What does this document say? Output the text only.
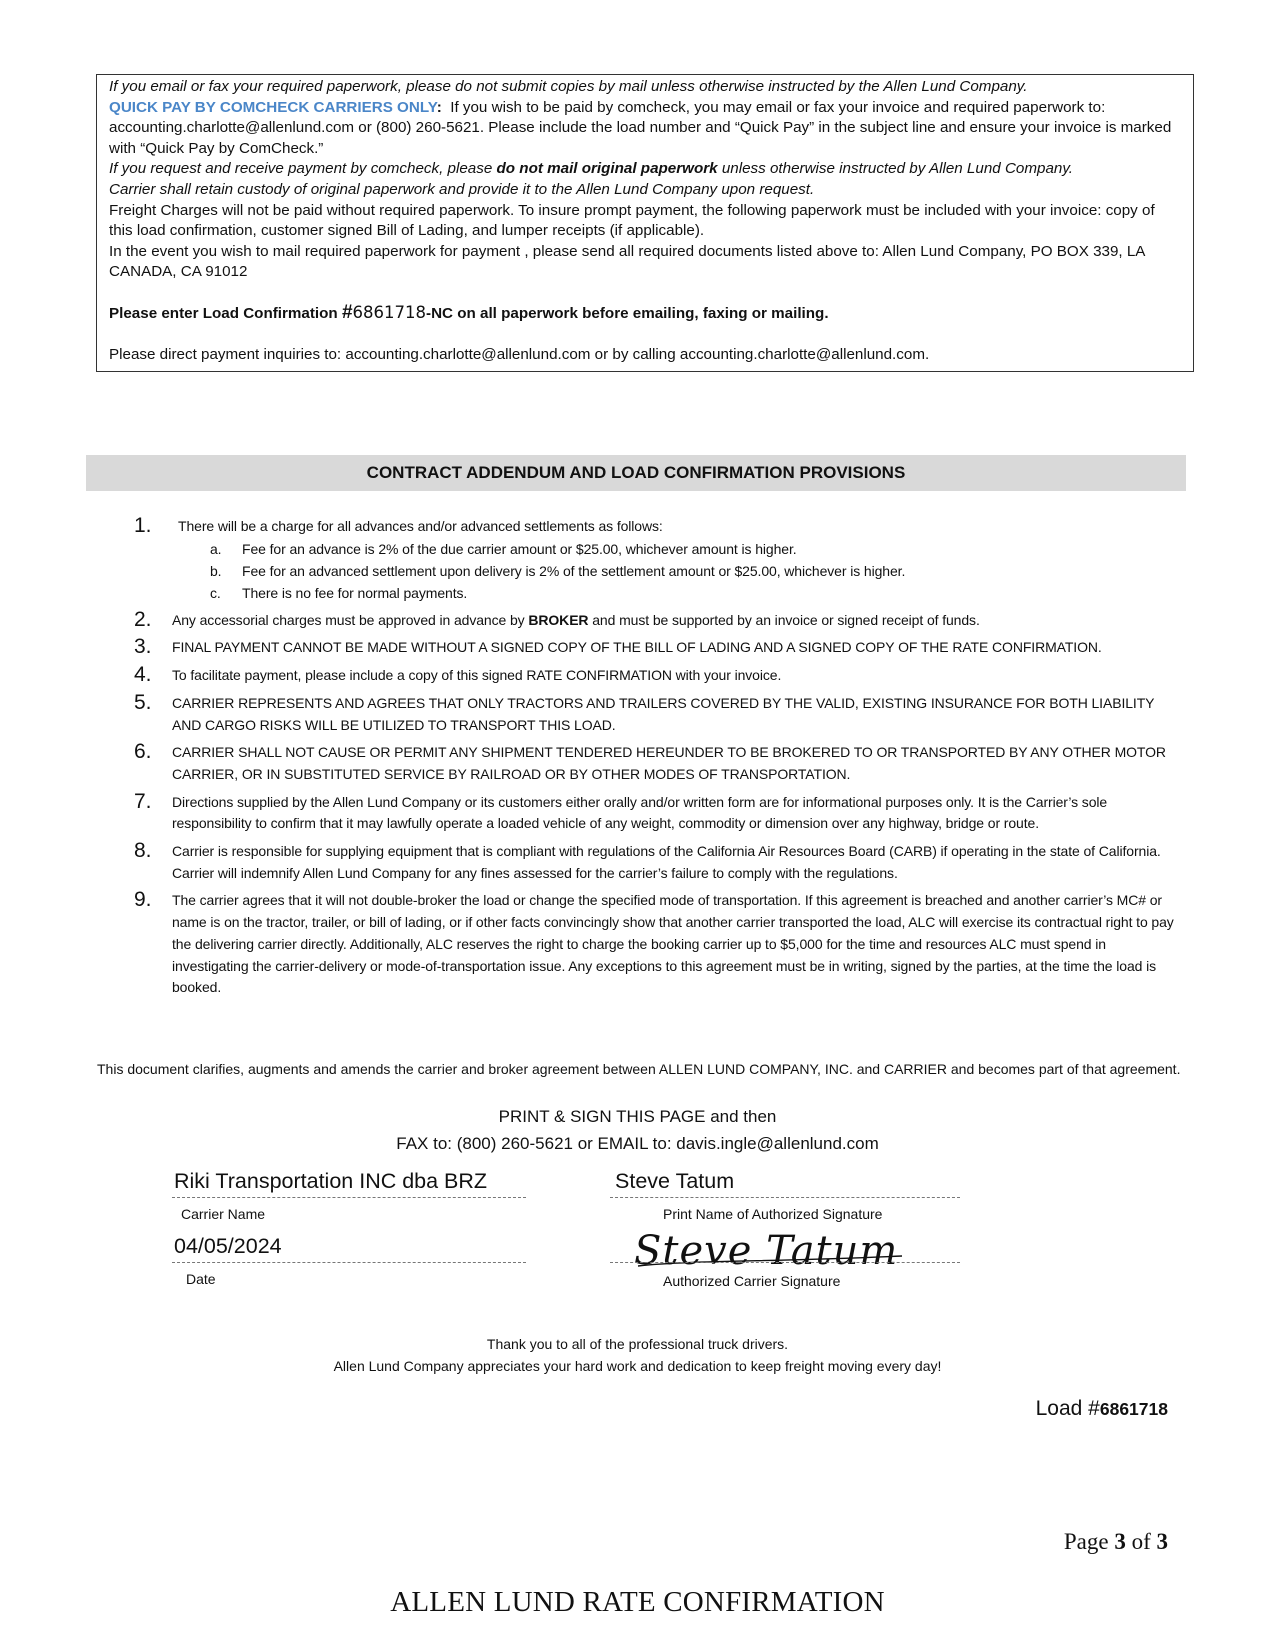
If you email or fax your required paperwork, please do not submit copies by mail unless otherwise instructed by the Allen Lund Company.

QUICK PAY BY COMCHECK CARRIERS ONLY: If you wish to be paid by comcheck, you may email or fax your invoice and required paperwork to: accounting.charlotte@allenlund.com or (800) 260-5621. Please include the load number and “Quick Pay” in the subject line and ensure your invoice is marked with “Quick Pay by ComCheck.”

If you request and receive payment by comcheck, please do not mail original paperwork unless otherwise instructed by Allen Lund Company.

Carrier shall retain custody of original paperwork and provide it to the Allen Lund Company upon request.

Freight Charges will not be paid without required paperwork. To insure prompt payment, the following paperwork must be included with your invoice: copy of this load confirmation, customer signed Bill of Lading, and lumper receipts (if applicable).

In the event you wish to mail required paperwork for payment , please send all required documents listed above to: Allen Lund Company, PO BOX 339, LA CANADA, CA 91012

Please enter Load Confirmation #6861718-NC on all paperwork before emailing, faxing or mailing.

Please direct payment inquiries to: accounting.charlotte@allenlund.com or by calling accounting.charlotte@allenlund.com.

CONTRACT ADDENDUM AND LOAD CONFIRMATION PROVISIONS
1.	There will be a charge for all advances and/or advanced settlements as follows:
a. Fee for an advance is 2% of the due carrier amount or $25.00, whichever amount is higher.
b. Fee for an advanced settlement upon delivery is 2% of the settlement amount or $25.00, whichever is higher.
c. There is no fee for normal payments.
2. Any accessorial charges must be approved in advance by BROKER and must be supported by an invoice or signed receipt of funds.
3. FINAL PAYMENT CANNOT BE MADE WITHOUT A SIGNED COPY OF THE BILL OF LADING AND A SIGNED COPY OF THE RATE CONFIRMATION.
4. To facilitate payment, please include a copy of this signed RATE CONFIRMATION with your invoice.
5. CARRIER REPRESENTS AND AGREES THAT ONLY TRACTORS AND TRAILERS COVERED BY THE VALID, EXISTING INSURANCE FOR BOTH LIABILITY AND CARGO RISKS WILL BE UTILIZED TO TRANSPORT THIS LOAD.
6. CARRIER SHALL NOT CAUSE OR PERMIT ANY SHIPMENT TENDERED HEREUNDER TO BE BROKERED TO OR TRANSPORTED BY ANY OTHER MOTOR CARRIER, OR IN SUBSTITUTED SERVICE BY RAILROAD OR BY OTHER MODES OF TRANSPORTATION.
7. Directions supplied by the Allen Lund Company or its customers either orally and/or written form are for informational purposes only. It is the Carrier’s sole responsibility to confirm that it may lawfully operate a loaded vehicle of any weight, commodity or dimension over any highway, bridge or route.
8. Carrier is responsible for supplying equipment that is compliant with regulations of the California Air Resources Board (CARB) if operating in the state of California. Carrier will indemnify Allen Lund Company for any fines assessed for the carrier’s failure to comply with the regulations.
9. The carrier agrees that it will not double-broker the load or change the specified mode of transportation. If this agreement is breached and another carrier’s MC# or name is on the tractor, trailer, or bill of lading, or if other facts convincingly show that another carrier transported the load, ALC will exercise its contractual right to pay the delivering carrier directly. Additionally, ALC reserves the right to charge the booking carrier up to $5,000 for the time and resources ALC must spend in investigating the carrier-delivery or mode-of-transportation issue. Any exceptions to this agreement must be in writing, signed by the parties, at the time the load is booked.
This document clarifies, augments and amends the carrier and broker agreement between ALLEN LUND COMPANY, INC. and CARRIER and becomes part of that agreement.
PRINT & SIGN THIS PAGE and then
FAX to: (800) 260-5621 or EMAIL to: davis.ingle@allenlund.com
Riki Transportation INC dba BRZ
Carrier Name
Steve Tatum
Print Name of Authorized Signature
04/05/2024
Date
Steve Tatum
Authorized Carrier Signature
Thank you to all of the professional truck drivers.
Allen Lund Company appreciates your hard work and dedication to keep freight moving every day!
Load #6861718
Page 3 of 3
ALLEN LUND RATE CONFIRMATION
